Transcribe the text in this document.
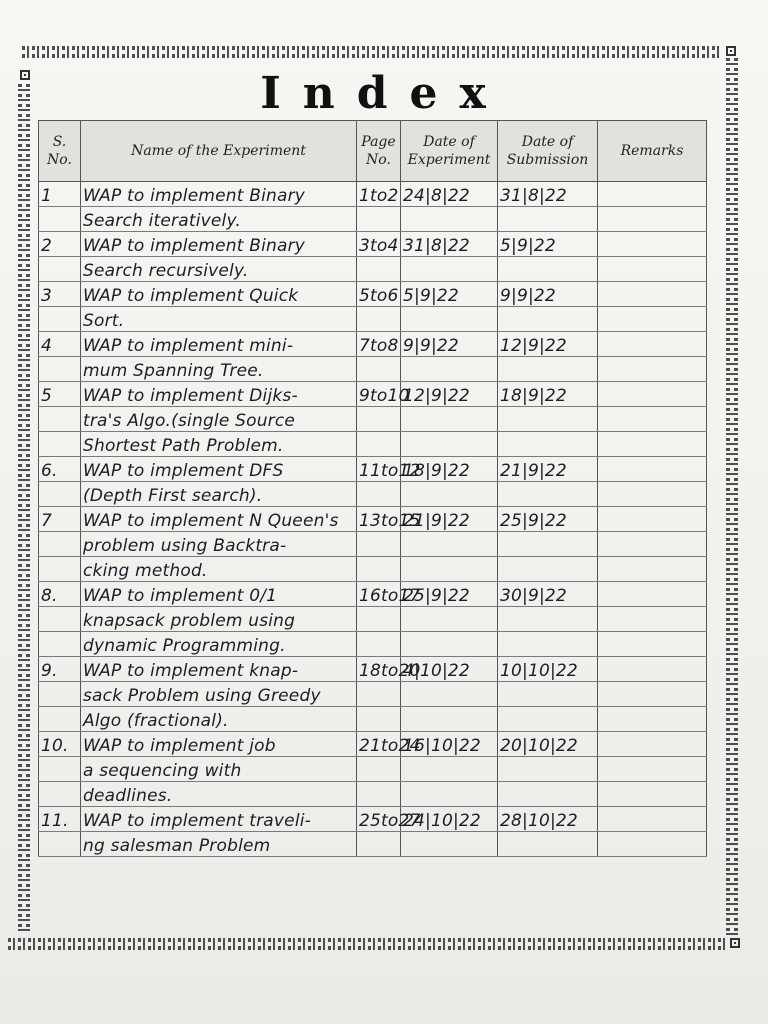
Index
S. No.	Name of the Experiment	Page No.	Date of Experiment	Date of Submission	Remarks
1	WAP to implement Binary	1to2	24|8|22	31|8|22	
	Search iteratively.				
2	WAP to implement Binary	3to4	31|8|22	5|9|22	
	Search recursively.				
3	WAP to implement Quick	5to6	5|9|22	9|9|22	
	Sort.				
4	WAP to implement mini-	7to8	9|9|22	12|9|22	
	mum Spanning Tree.				
5	WAP to implement Dijks-	9to10	12|9|22	18|9|22	
	tra's Algo.(single Source				
	Shortest Path Problem.				
6.	WAP to implement DFS	11to12	18|9|22	21|9|22	
	(Depth First search).				
7	WAP to implement N Queen's	13to15	21|9|22	25|9|22	
	problem using Backtra-				
	cking method.				
8.	WAP to implement 0/1	16to17	25|9|22	30|9|22	
	knapsack problem using				
	dynamic Programming.				
9.	WAP to implement knap-	18to20	4|10|22	10|10|22	
	sack Problem using Greedy				
	Algo (fractional).				
10.	WAP to implement job	21to24	16|10|22	20|10|22	
	a sequencing with				
	deadlines.				
11.	WAP to implement traveli-	25to27	24|10|22	28|10|22	
	ng salesman Problem				
